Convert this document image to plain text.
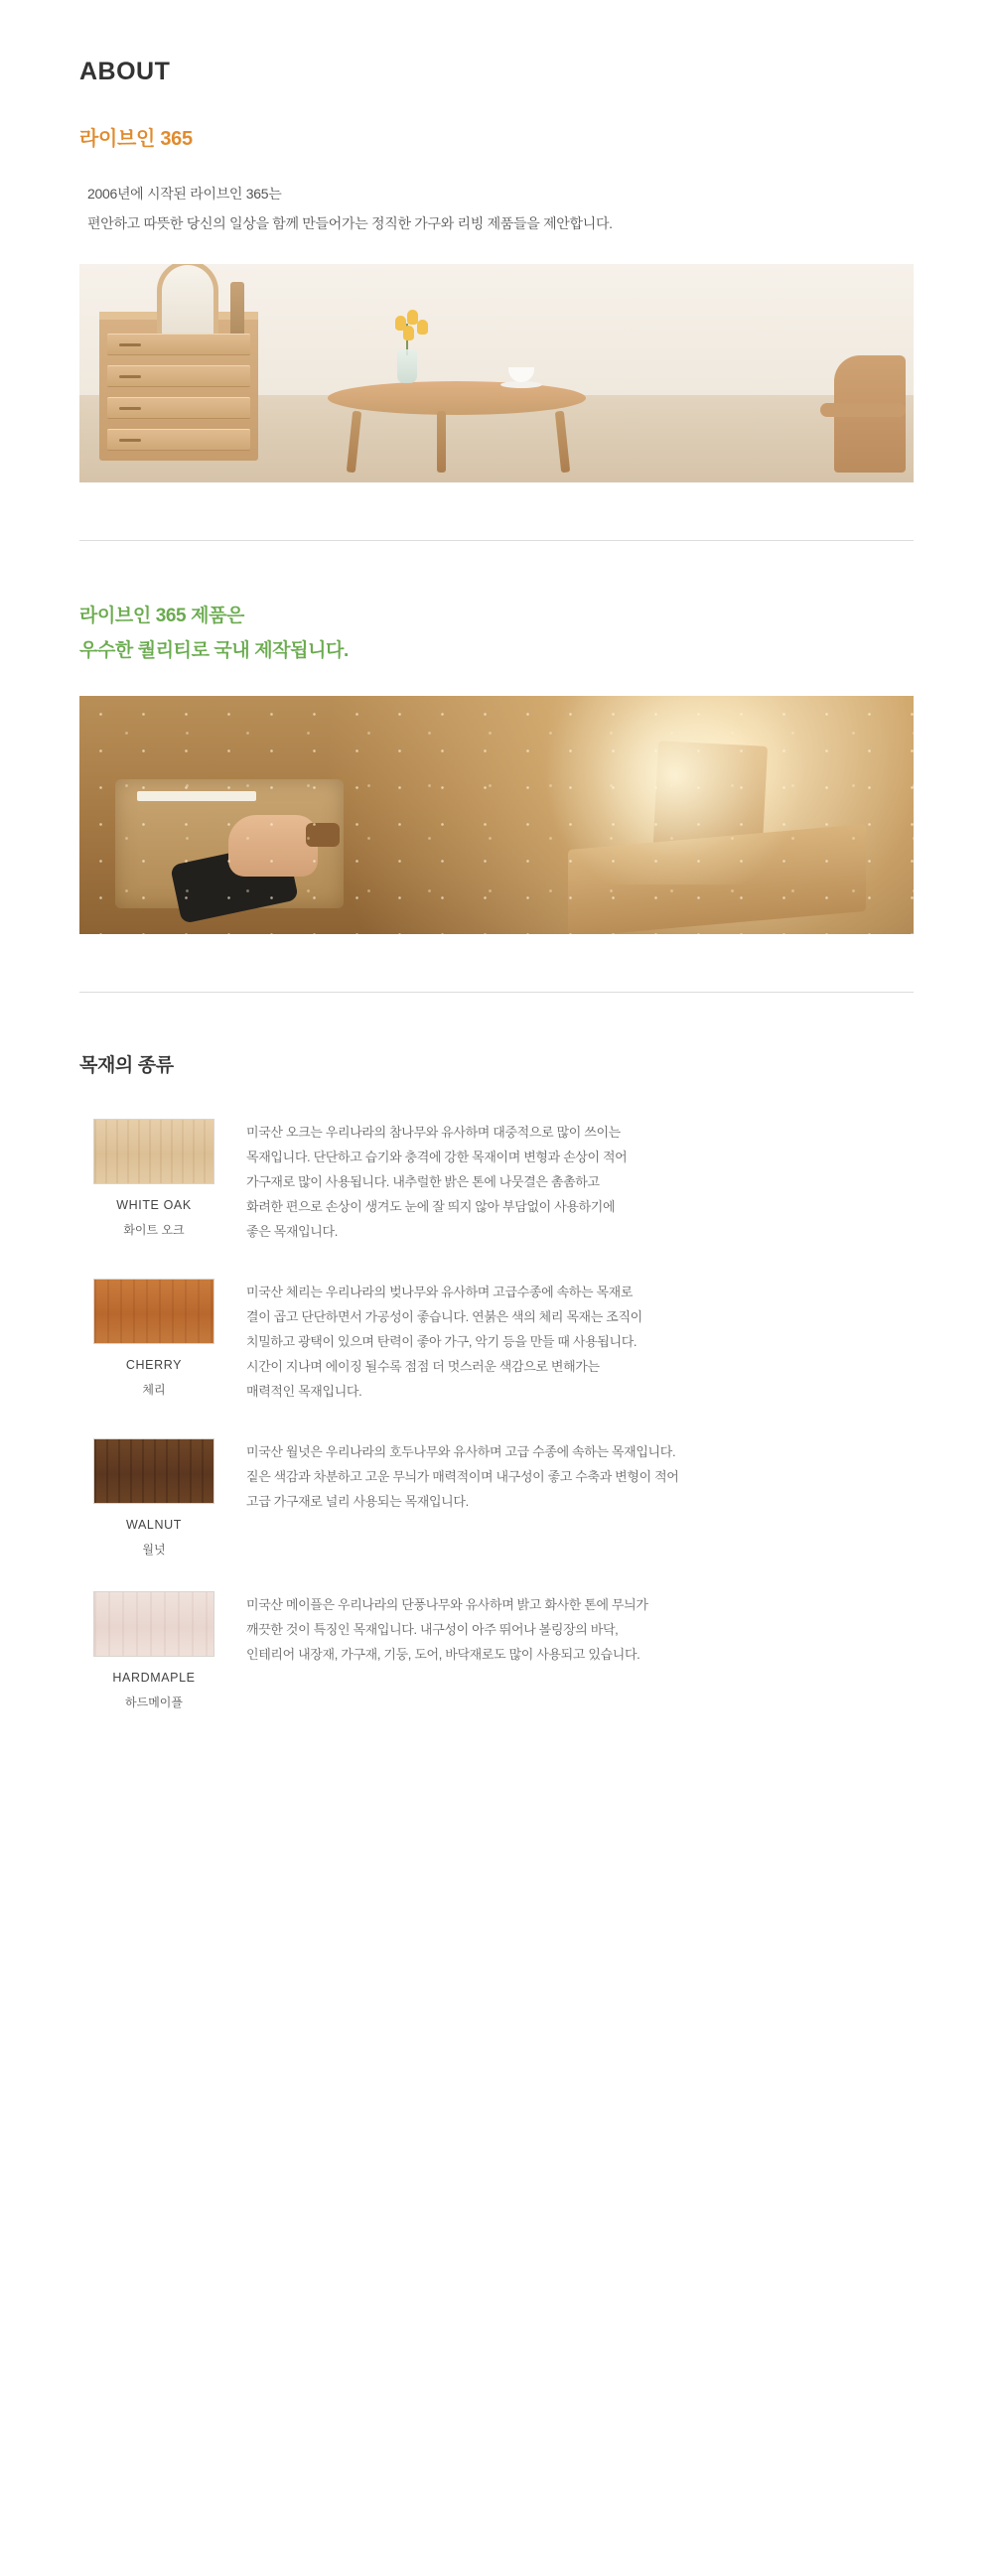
ABOUT
라이브인 365
2006년에 시작된 라이브인 365는
편안하고 따뜻한 당신의 일상을 함께 만들어가는 정직한 가구와 리빙 제품들을 제안합니다.
라이브인 365 제품은
우수한 퀄리티로 국내 제작됩니다.
목재의 종류
WHITE OAK
화이트 오크

미국산 오크는 우리나라의 참나무와 유사하며 대중적으로 많이 쓰이는

목재입니다. 단단하고 습기와 충격에 강한 목재이며 변형과 손상이 적어

가구재로 많이 사용됩니다. 내추럴한 밝은 톤에 나뭇결은 촘촘하고

화려한 편으로 손상이 생겨도 눈에 잘 띄지 않아 부담없이 사용하기에

좋은 목재입니다.

CHERRY
체리

미국산 체리는 우리나라의 벚나무와 유사하며 고급수종에 속하는 목재로

결이 곱고 단단하면서 가공성이 좋습니다. 연붉은 색의 체리 목재는 조직이

치밀하고 광택이 있으며 탄력이 좋아 가구, 악기 등을 만들 때 사용됩니다.

시간이 지나며 에이징 될수록 점점 더 멋스러운 색감으로 변해가는

매력적인 목재입니다.

WALNUT
월넛

미국산 월넛은 우리나라의 호두나무와 유사하며 고급 수종에 속하는 목재입니다.

짙은 색감과 차분하고 고운 무늬가 매력적이며 내구성이 좋고 수축과 변형이 적어

고급 가구재로 널리 사용되는 목재입니다.

HARDMAPLE
하드메이플

미국산 메이플은 우리나라의 단풍나무와 유사하며 밝고 화사한 톤에 무늬가

깨끗한 것이 특징인 목재입니다. 내구성이 아주 뛰어나 볼링장의 바닥,

인테리어 내장재, 가구재, 기둥, 도어, 바닥재로도 많이 사용되고 있습니다.
